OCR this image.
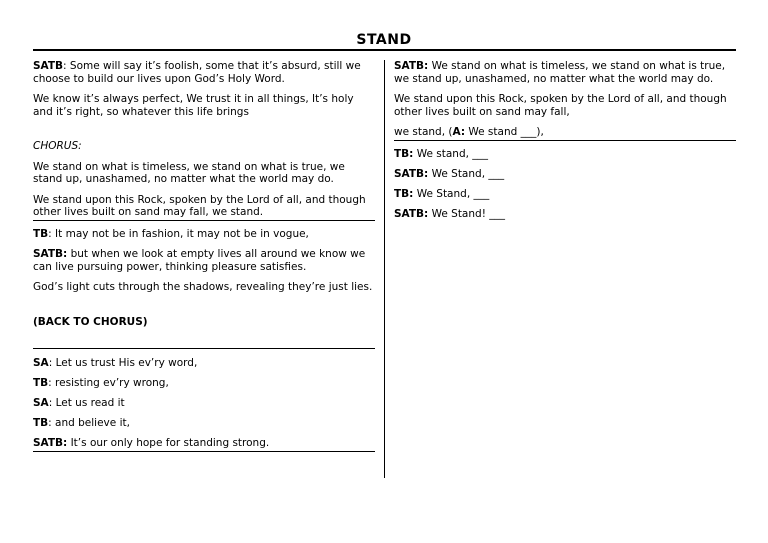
STAND

SATB: Some will say it’s foolish, some that it’s absurd, still we choose to build our lives upon God’s Holy Word.

We know it’s always perfect, We trust it in all things, It’s holy and it’s right, so whatever this life brings

CHORUS:

We stand on what is timeless, we stand on what is true, we stand up, unashamed, no matter what the world may do.

We stand upon this Rock, spoken by the Lord of all, and though other lives built on sand may fall, we stand.

TB: It may not be in fashion, it may not be in vogue,

SATB: but when we look at empty lives all around we know we can live pursuing power, thinking pleasure satisfies.

God’s light cuts through the shadows, revealing they’re just lies.

(BACK TO CHORUS)

SA: Let us trust His ev’ry word,

TB: resisting ev’ry wrong,

SA: Let us read it

TB: and believe it,

SATB: It’s our only hope for standing strong.

SATB: We stand on what is timeless, we stand on what is true, we stand up, unashamed, no matter what the world may do.

We stand upon this Rock, spoken by the Lord of all, and though other lives built on sand may fall,

we stand, (A: We stand ___),

TB: We stand, ___

SATB: We Stand, ___

TB: We Stand, ___

SATB: We Stand! ___
